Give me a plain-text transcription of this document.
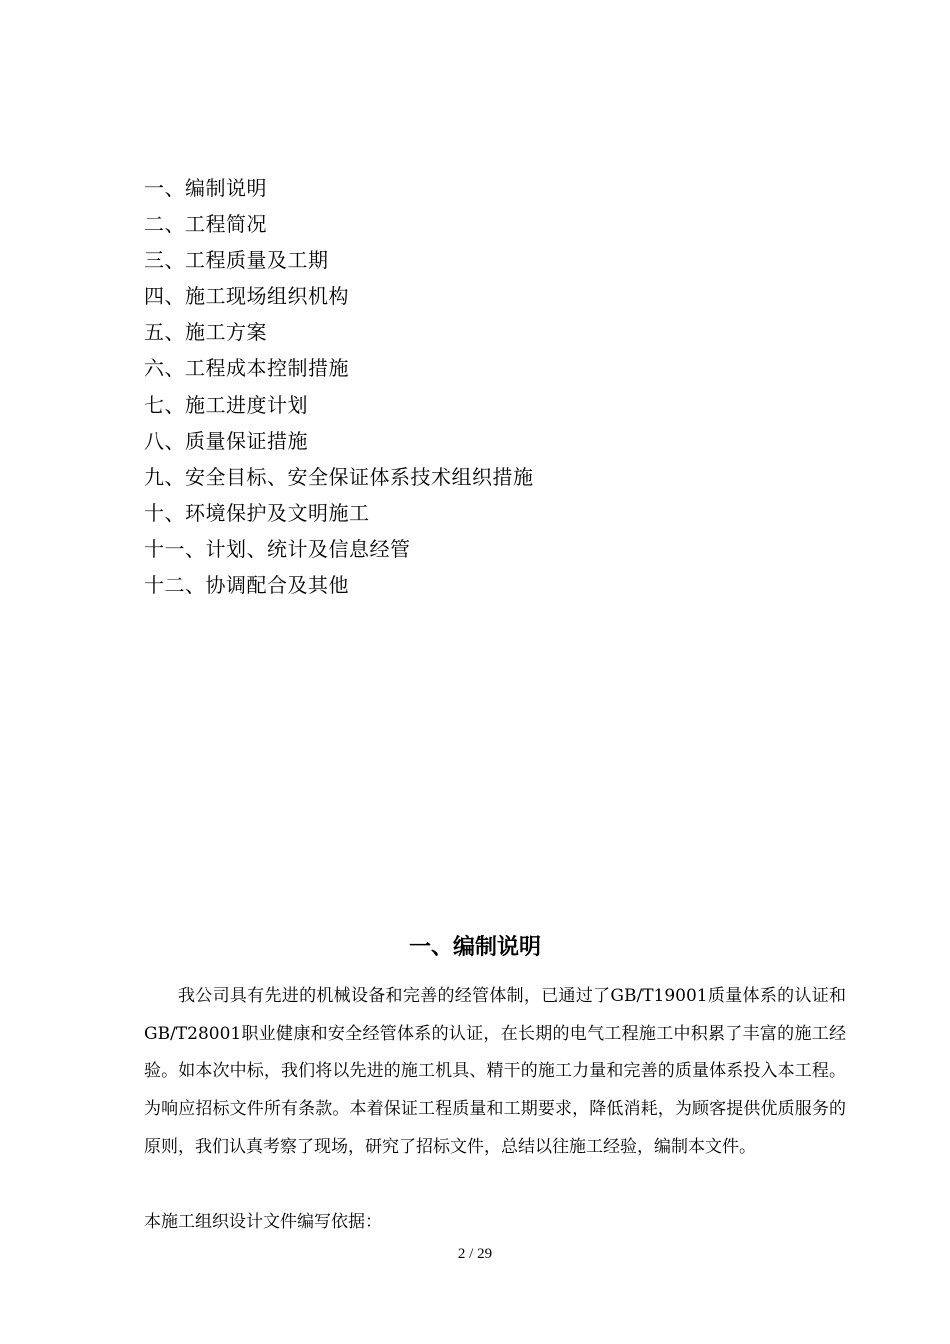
一、编制说明
二、工程简况
三、工程质量及工期
四、施工现场组织机构
五、施工方案
六、工程成本控制措施
七、施工进度计划
八、质量保证措施
九、安全目标、安全保证体系技术组织措施
十、环境保护及文明施工
十一、计划、统计及信息经管
十二、协调配合及其他
一、编制说明

我公司具有先进的机械设备和完善的经管体制，已通过了GB/T19001质量体系的认证和GB/T28001职业健康和安全经管体系的认证，在长期的电气工程施工中积累了丰富的施工经验。如本次中标，我们将以先进的施工机具、精干的施工力量和完善的质量体系投入本工程。为响应招标文件所有条款。本着保证工程质量和工期要求，降低消耗，为顾客提供优质服务的原则，我们认真考察了现场，研究了招标文件，总结以往施工经验，编制本文件。

本施工组织设计文件编写依据：

2 / 29
